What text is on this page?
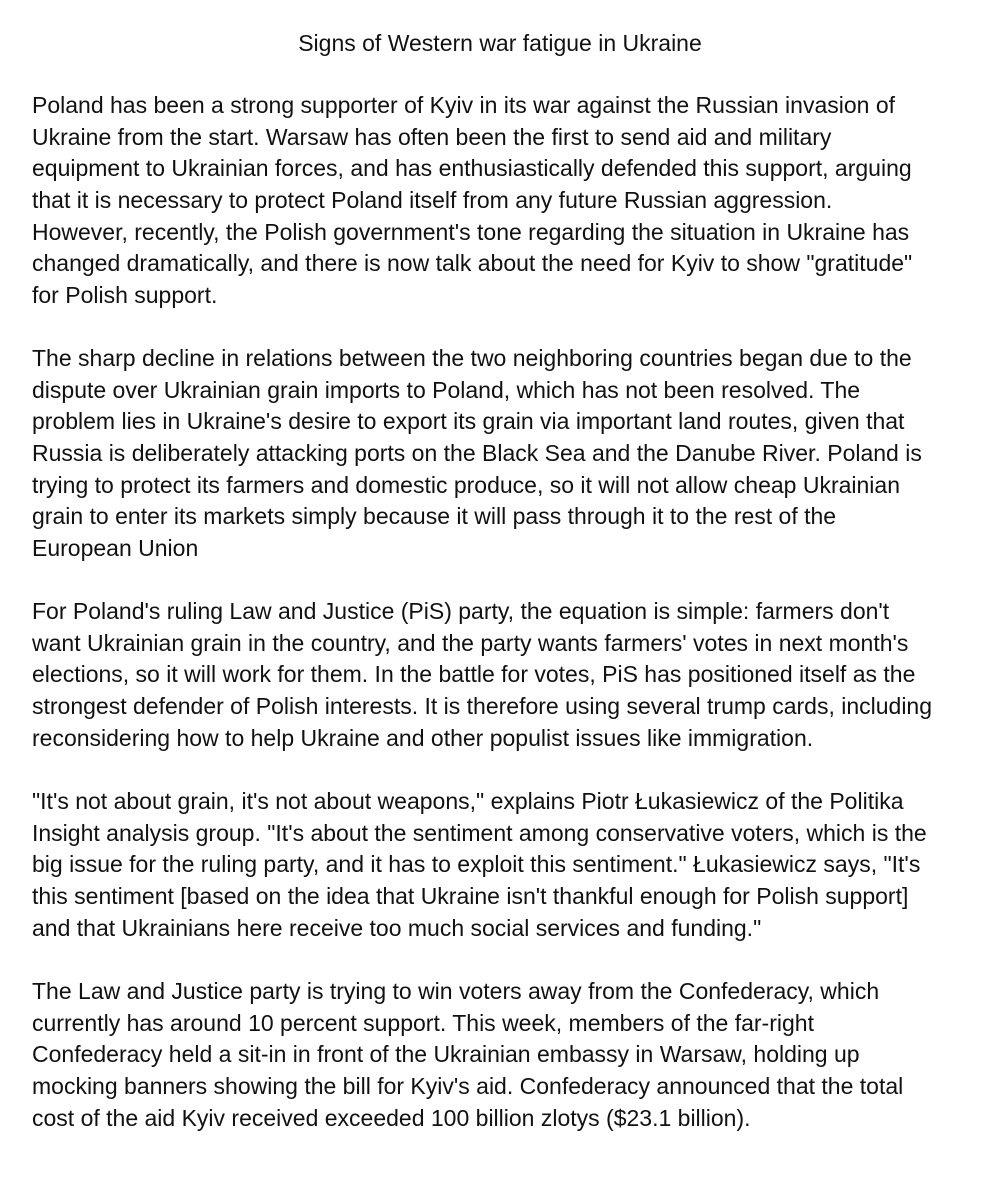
Signs of Western war fatigue in Ukraine
Poland has been a strong supporter of Kyiv in its war against the Russian invasion of
Ukraine from the start. Warsaw has often been the first to send aid and military
equipment to Ukrainian forces, and has enthusiastically defended this support, arguing
that it is necessary to protect Poland itself from any future Russian aggression.
However, recently, the Polish government's tone regarding the situation in Ukraine has
changed dramatically, and there is now talk about the need for Kyiv to show "gratitude"
for Polish support.
The sharp decline in relations between the two neighboring countries began due to the
dispute over Ukrainian grain imports to Poland, which has not been resolved. The
problem lies in Ukraine's desire to export its grain via important land routes, given that
Russia is deliberately attacking ports on the Black Sea and the Danube River. Poland is
trying to protect its farmers and domestic produce, so it will not allow cheap Ukrainian
grain to enter its markets simply because it will pass through it to the rest of the
European Union
For Poland's ruling Law and Justice (PiS) party, the equation is simple: farmers don't
want Ukrainian grain in the country, and the party wants farmers' votes in next month's
elections, so it will work for them. In the battle for votes, PiS has positioned itself as the
strongest defender of Polish interests. It is therefore using several trump cards, including
reconsidering how to help Ukraine and other populist issues like immigration.
"It's not about grain, it's not about weapons," explains Piotr Łukasiewicz of the Politika
Insight analysis group. "It's about the sentiment among conservative voters, which is the
big issue for the ruling party, and it has to exploit this sentiment." Łukasiewicz says, "It's
this sentiment [based on the idea that Ukraine isn't thankful enough for Polish support]
and that Ukrainians here receive too much social services and funding."
The Law and Justice party is trying to win voters away from the Confederacy, which
currently has around 10 percent support. This week, members of the far-right
Confederacy held a sit-in in front of the Ukrainian embassy in Warsaw, holding up
mocking banners showing the bill for Kyiv's aid. Confederacy announced that the total
cost of the aid Kyiv received exceeded 100 billion zlotys ($23.1 billion).
